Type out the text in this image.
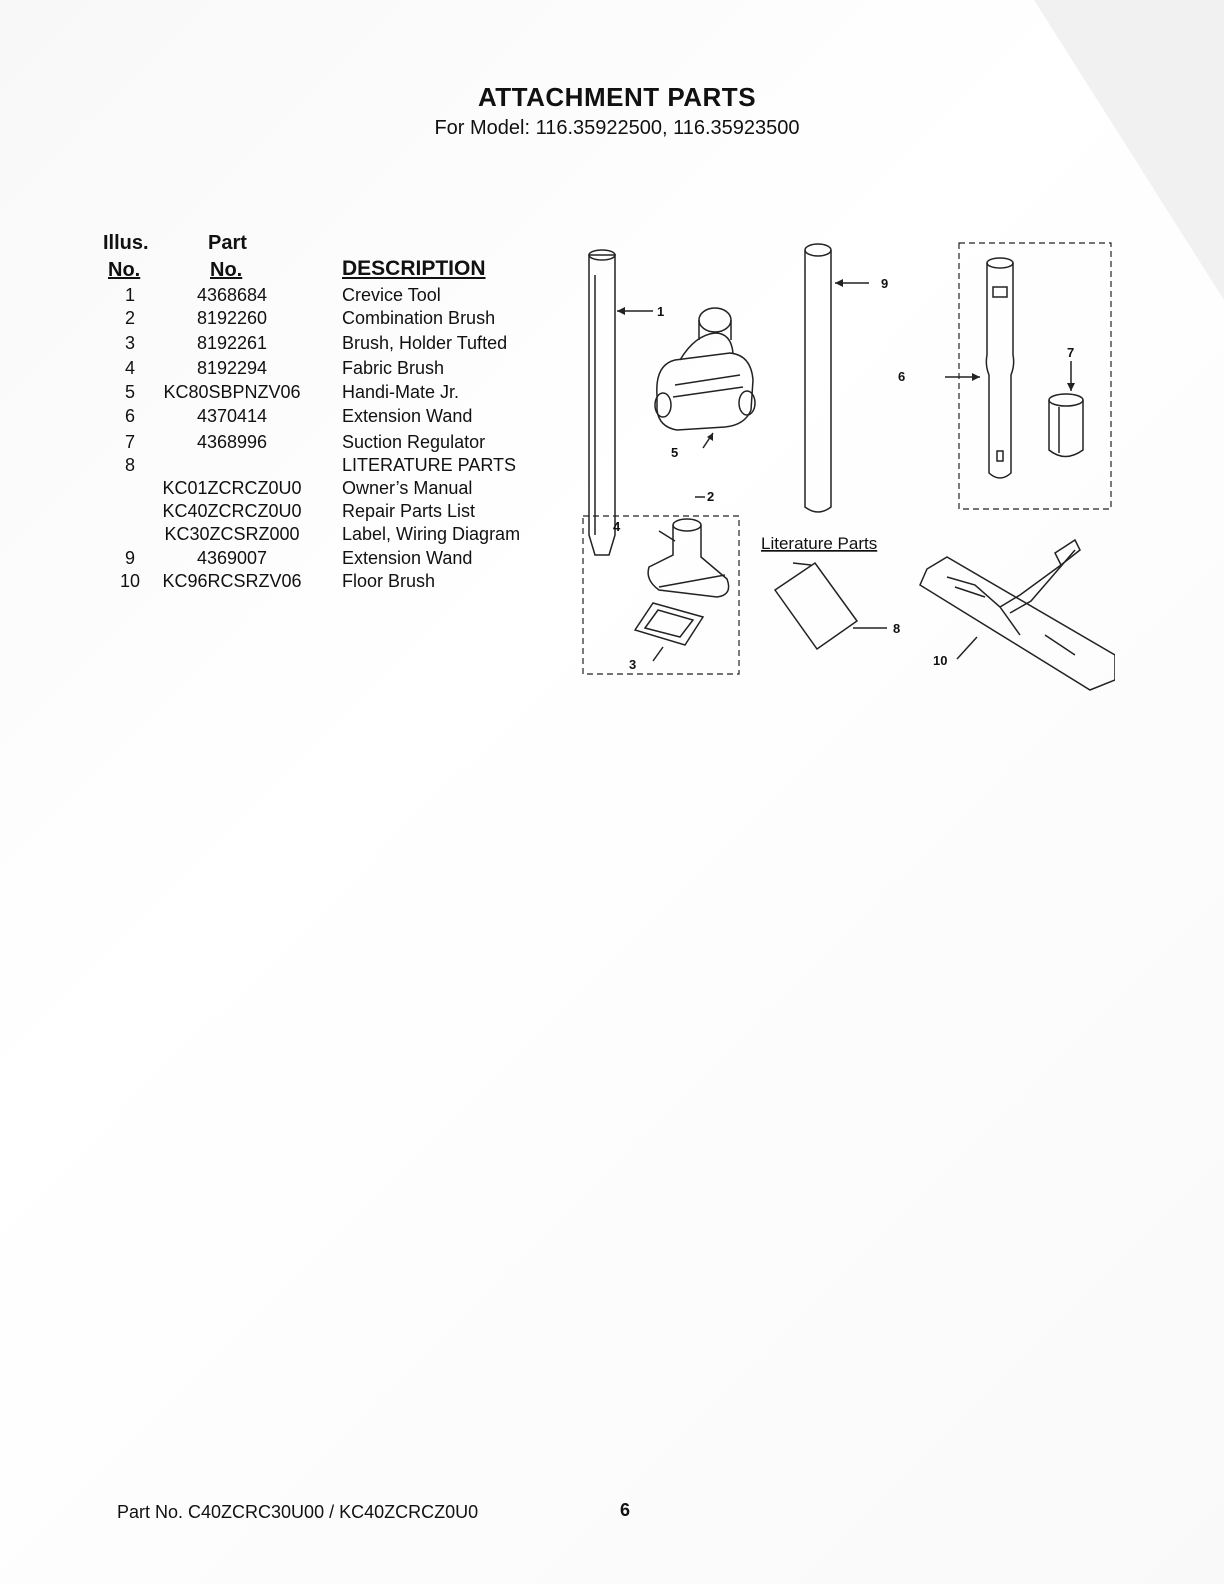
ATTACHMENT PARTS
For Model: 116.35922500, 116.35923500
Illus.
No.
Part
No.	DESCRIPTION
1	4368684	Crevice Tool
2	8192260	Combination Brush
3	8192261	Brush, Holder Tufted
4	8192294	Fabric Brush
5	KC80SBPNZV06	Handi-Mate Jr.
6	4370414	Extension Wand
7	4368996	Suction Regulator
8	LITERATURE PARTS
KC01ZCRCZ0U0	Owner’s Manual
KC40ZCRCZ0U0	Repair Parts List
KC30ZCSRZ000	Label, Wiring Diagram
9	4369007	Extension Wand
10	KC96RCSRZV06	Floor Brush
1
2
3
4
5
6
7
8
9
10
Literature Parts
Part No. C40ZCRC30U00 / KC40ZCRCZ0U0	6
